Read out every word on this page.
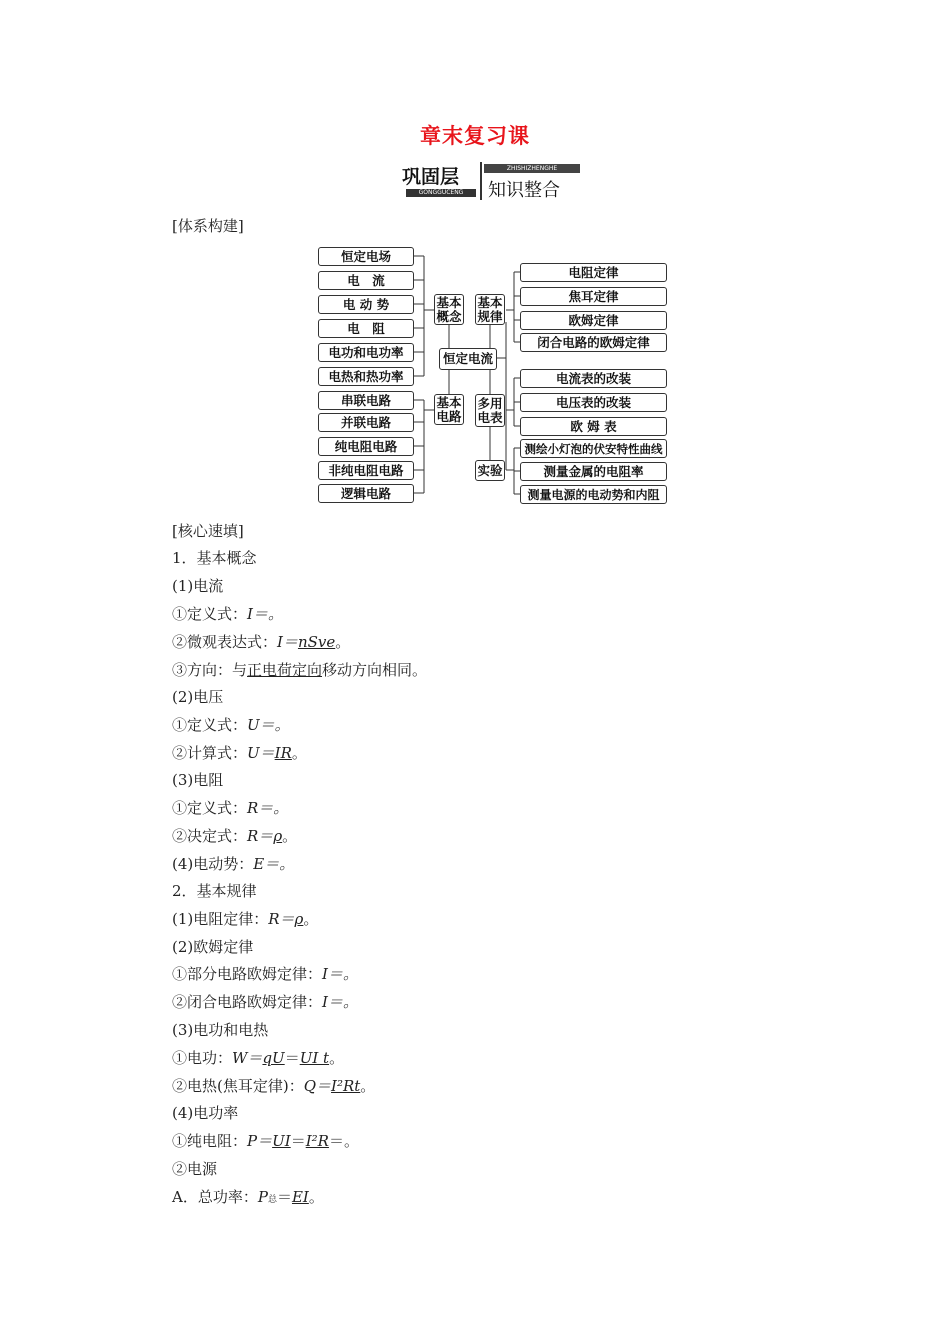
章末复习课
巩固层
GONGGUCENG
ZHISHIZHENGHE
知识整合
[体系构建]
恒定电场
电　流
电 动 势
电　阻
电功和电功率
电热和热功率
串联电路
并联电路
纯电阻电路
非纯电阻电路
逻辑电路
基本
概念
基本
电路
恒定电流
基本
规律
多用
电表
实验
电阻定律
焦耳定律
欧姆定律
闭合电路的欧姆定律
电流表的改装
电压表的改装
欧 姆 表
测绘小灯泡的伏安特性曲线
测量金属的电阻率
测量电源的电动势和内阻
[核心速填]
1．基本概念
(1)电流
①定义式：I＝。
②微观表达式：I＝nSve。
③方向：与正电荷定向移动方向相同。
(2)电压
①定义式：U＝。
②计算式：U＝IR。
(3)电阻
①定义式：R＝。
②决定式：R＝ρ。
(4)电动势：E＝。
2．基本规律
(1)电阻定律：R＝ρ。
(2)欧姆定律
①部分电路欧姆定律：I＝。
②闭合电路欧姆定律：I＝。
(3)电功和电热
①电功：W＝qU＝UI t。
②电热(焦耳定律)：Q＝I²Rt。
(4)电功率
①纯电阻：P＝UI＝I²R＝。
②电源
A．总功率：P总＝EI。
